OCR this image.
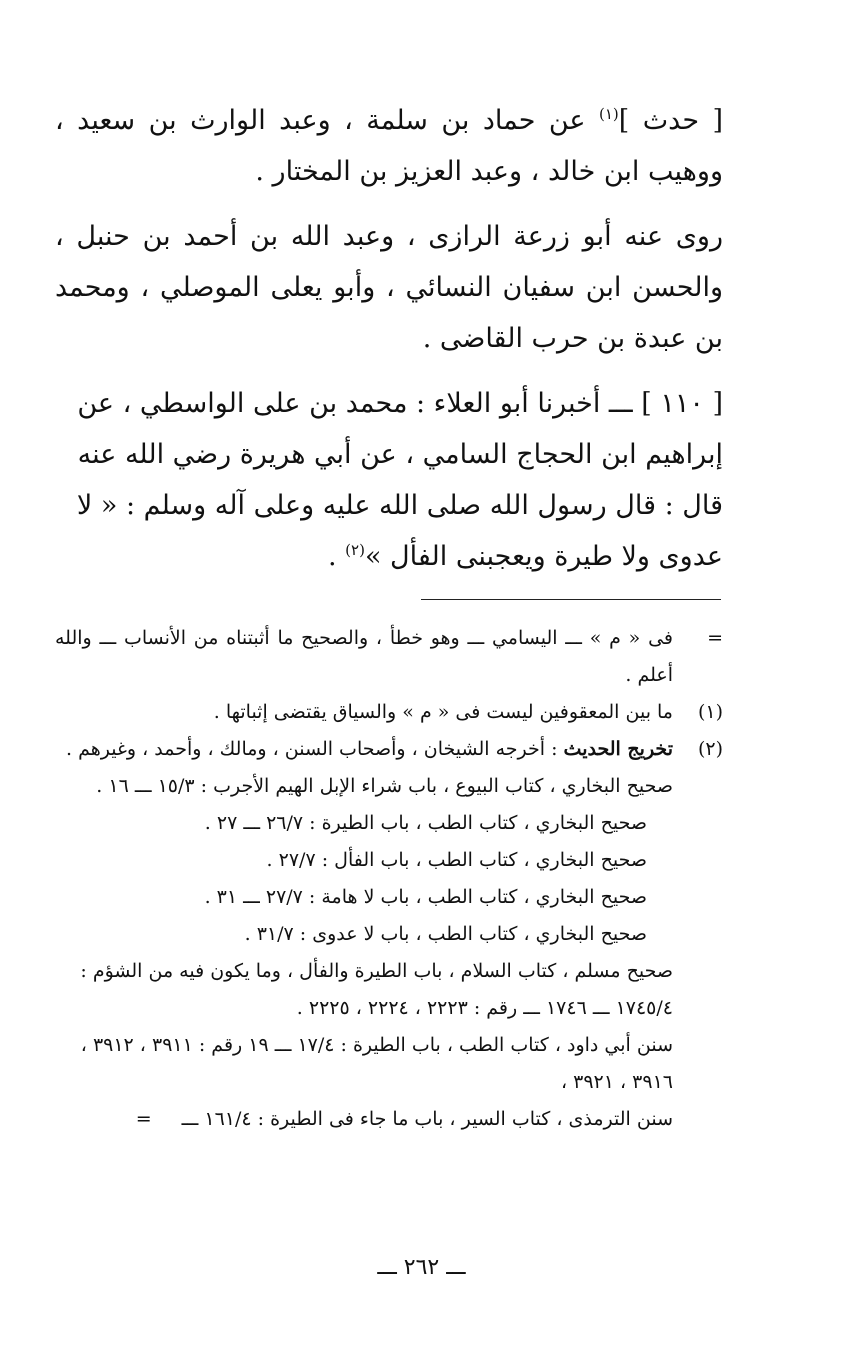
[ حدث ]$^{(١)}$ عن حماد بن سلمة ، وعبد الوارث بن سعيد ، ووهيب ابن خالد ، وعبد العزيز بن المختار .

روى عنه أبو زرعة الرازى ، وعبد الله بن أحمد بن حنبل ، والحسن ابن سفيان النسائي ، وأبو يعلى الموصلي ، ومحمد بن عبدة بن حرب القاضى .

[ ١١٠ ] ـــ أخبرنا أبو العلاء : محمد بن على الواسطي ، عن إبراهيم ابن الحجاج السامي ، عن أبي هريرة رضي الله عنه قال : قال رسول الله صلى الله عليه وعلى آله وسلم : « لا عدوى ولا طيرة ويعجبنى الفأل »$^{(٢)}$ .

=
فى « م » ـــ اليسامي ـــ وهو خطأ ، والصحيح ما أثبتناه من الأنساب ـــ والله أعلم .
(١)
ما بين المعقوفين ليست فى « م » والسياق يقتضى إثباتها .
(٢)
تخريج الحديث : أخرجه الشيخان ، وأصحاب السنن ، ومالك ، وأحمد ، وغيرهم .
صحيح البخاري ، كتاب البيوع ، باب شراء الإبل الهيم الأجرب : ١٥/٣ ـــ ١٦ .
صحيح البخاري ، كتاب الطب ، باب الطيرة : ٢٦/٧ ـــ ٢٧ .
صحيح البخاري ، كتاب الطب ، باب الفأل : ٢٧/٧ .
صحيح البخاري ، كتاب الطب ، باب لا هامة : ٢٧/٧ ـــ ٣١ .
صحيح البخاري ، كتاب الطب ، باب لا عدوى : ٣١/٧ .
صحيح مسلم ، كتاب السلام ، باب الطيرة والفأل ، وما يكون فيه من الشؤم : ١٧٤٥/٤ ـــ ١٧٤٦ ـــ رقم : ٢٢٢٣ ، ٢٢٢٤ ، ٢٢٢٥ .
سنن أبي داود ، كتاب الطب ، باب الطيرة : ١٧/٤ ـــ ١٩ رقم : ٣٩١١ ، ٣٩١٢ ، ٣٩١٦ ، ٣٩٢١ ،
سنن الترمذى ، كتاب السير ، باب ما جاء فى الطيرة : ١٦١/٤ ـــ=
ـــ ٢٦٢ ـــ
